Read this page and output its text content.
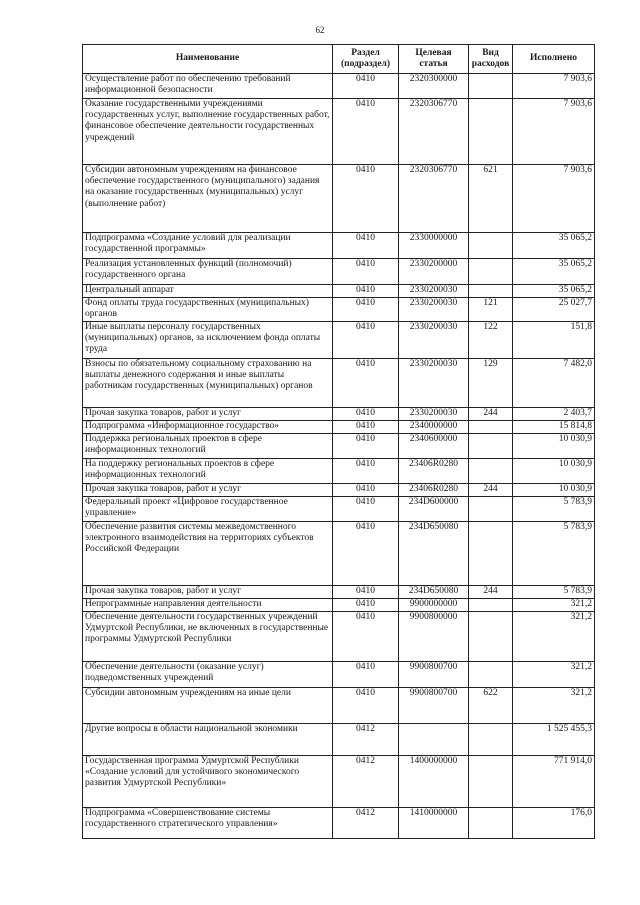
62
Наименование	Раздел (подраздел)	Целевая статья	Вид расходов	Исполнено
Осуществление работ по обеспечению требований информационной безопасности	0410	2320300000		7 903,6
Оказание государственными учреждениями государственных услуг, выполнение государственных работ, финансовое обеспечение деятельности государственных учреждений	0410	2320306770		7 903,6
Субсидии автономным учреждениям на финансовое обеспечение государственного (муниципального) задания на оказание государственных (муниципальных) услуг (выполнение работ)	0410	2320306770	621	7 903,6
Подпрограмма «Создание условий для реализации государственной программы»	0410	2330000000		35 065,2
Реализация установленных функций (полномочий) государственного органа	0410	2330200000		35 065,2
Центральный аппарат	0410	2330200030		35 065,2
Фонд оплаты труда государственных (муниципальных) органов	0410	2330200030	121	25 027,7
Иные выплаты персоналу государственных (муниципальных) органов, за исключением фонда оплаты труда	0410	2330200030	122	151,8
Взносы по обязательному социальному страхованию на выплаты денежного содержания и иные выплаты работникам государственных (муниципальных) органов	0410	2330200030	129	7 482,0
Прочая закупка товаров, работ и услуг	0410	2330200030	244	2 403,7
Подпрограмма «Информационное государство»	0410	2340000000		15 814,8
Поддержка региональных проектов в сфере информационных технологий	0410	2340600000		10 030,9
На поддержку региональных проектов в сфере информационных технологий	0410	23406R0280		10 030,9
Прочая закупка товаров, работ и услуг	0410	23406R0280	244	10 030,9
Федеральный проект «Цифровое государственное управление»	0410	234D600000		5 783,9
Обеспечение развития системы межведомственного электронного взаимодействия на территориях субъектов Российской Федерации	0410	234D650080		5 783,9
Прочая закупка товаров, работ и услуг	0410	234D650080	244	5 783,9
Непрограммные направления деятельности	0410	9900000000		321,2
Обеспечение деятельности государственных учреждений Удмуртской Республики, не включенных в государственные программы Удмуртской Республики	0410	9900800000		321,2
Обеспечение деятельности (оказание услуг) подведомственных учреждений	0410	9900800700		321,2
Субсидии автономным учреждениям на иные цели	0410	9900800700	622	321,2
Другие вопросы в области национальной экономики	0412			1 525 455,3
Государственная программа Удмуртской Республики «Создание условий для устойчивого экономического развития Удмуртской Республики»	0412	1400000000		771 914,0
Подпрограмма «Совершенствование системы государственного стратегического управления»	0412	1410000000		176,0
